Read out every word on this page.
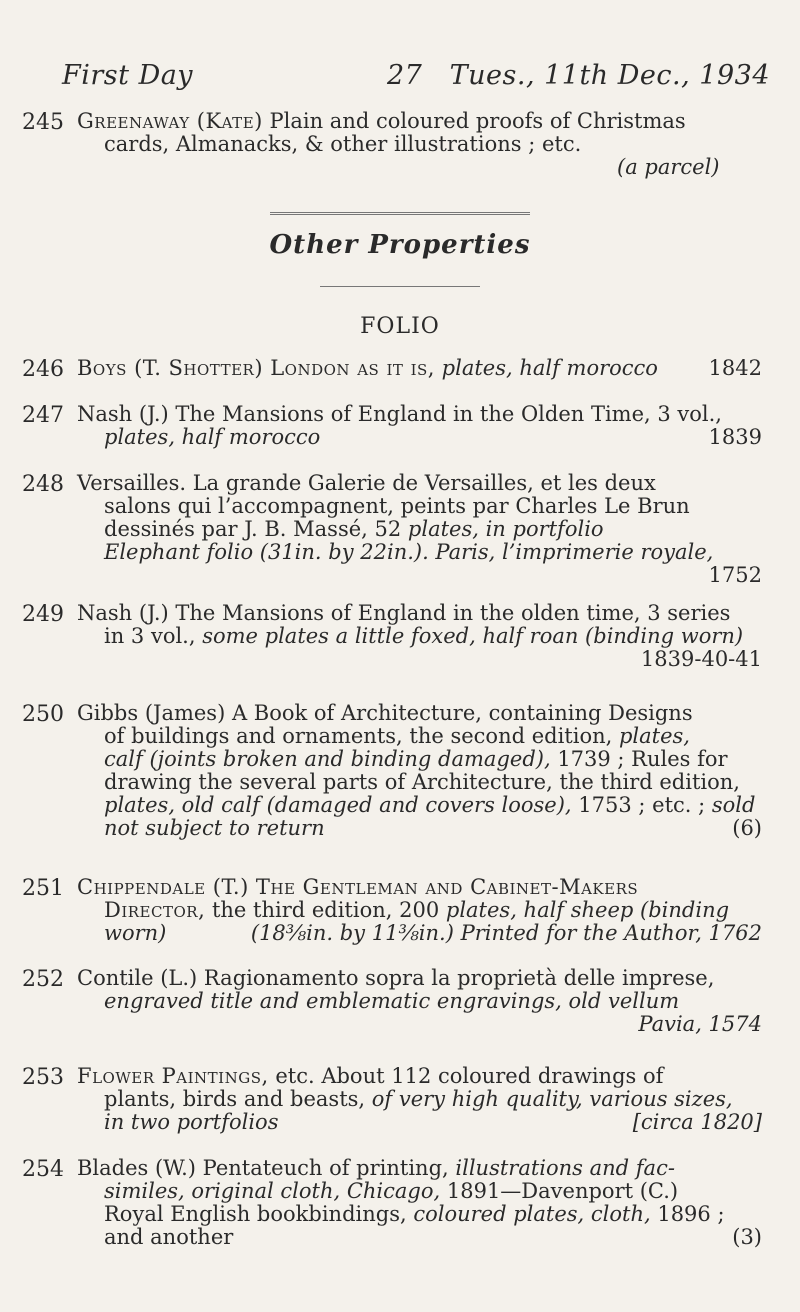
First Day	27 Tues., 11th Dec., 1934
245 Greenaway (Kate) Plain and coloured proofs of Christmas
cards, Almanacks, & other illustrations ; etc.
(a parcel)
Other Properties
FOLIO
246 Boys (T. Shotter) London as it is, plates, half morocco 1842
247 Nash (J.) The Mansions of England in the Olden Time, 3 vol.,
plates, half morocco	1839
248 Versailles. La grande Galerie de Versailles, et les deux
salons qui l’accompagnent, peints par Charles Le Brun
dessinés par J. B. Massé, 52 plates, in portfolio
Elephant folio (31in. by 22in.). Paris, l’imprimerie royale,
1752
249 Nash (J.) The Mansions of England in the olden time, 3 series
in 3 vol., some plates a little foxed, half roan (binding worn)
1839-40-41
250 Gibbs (James) A Book of Architecture, containing Designs
of buildings and ornaments, the second edition, plates,
calf (joints broken and binding damaged), 1739 ; Rules for
drawing the several parts of Architecture, the third edition,
plates, old calf (damaged and covers loose), 1753 ; etc. ; sold
not subject to return	(6)
251 Chippendale (T.) The Gentleman and Cabinet-Makers
Director, the third edition, 200 plates, half sheep (binding
worn)	(18⅜in. by 11⅜in.) Printed for the Author, 1762
252 Contile (L.) Ragionamento sopra la proprietà delle imprese,
engraved title and emblematic engravings, old vellum
Pavia, 1574
253 Flower Paintings, etc. About 112 coloured drawings of
plants, birds and beasts, of very high quality, various sizes,
in two portfolios	[circa 1820]
254 Blades (W.) Pentateuch of printing, illustrations and fac-
similes, original cloth, Chicago, 1891—Davenport (C.)
Royal English bookbindings, coloured plates, cloth, 1896 ;
and another	(3)
